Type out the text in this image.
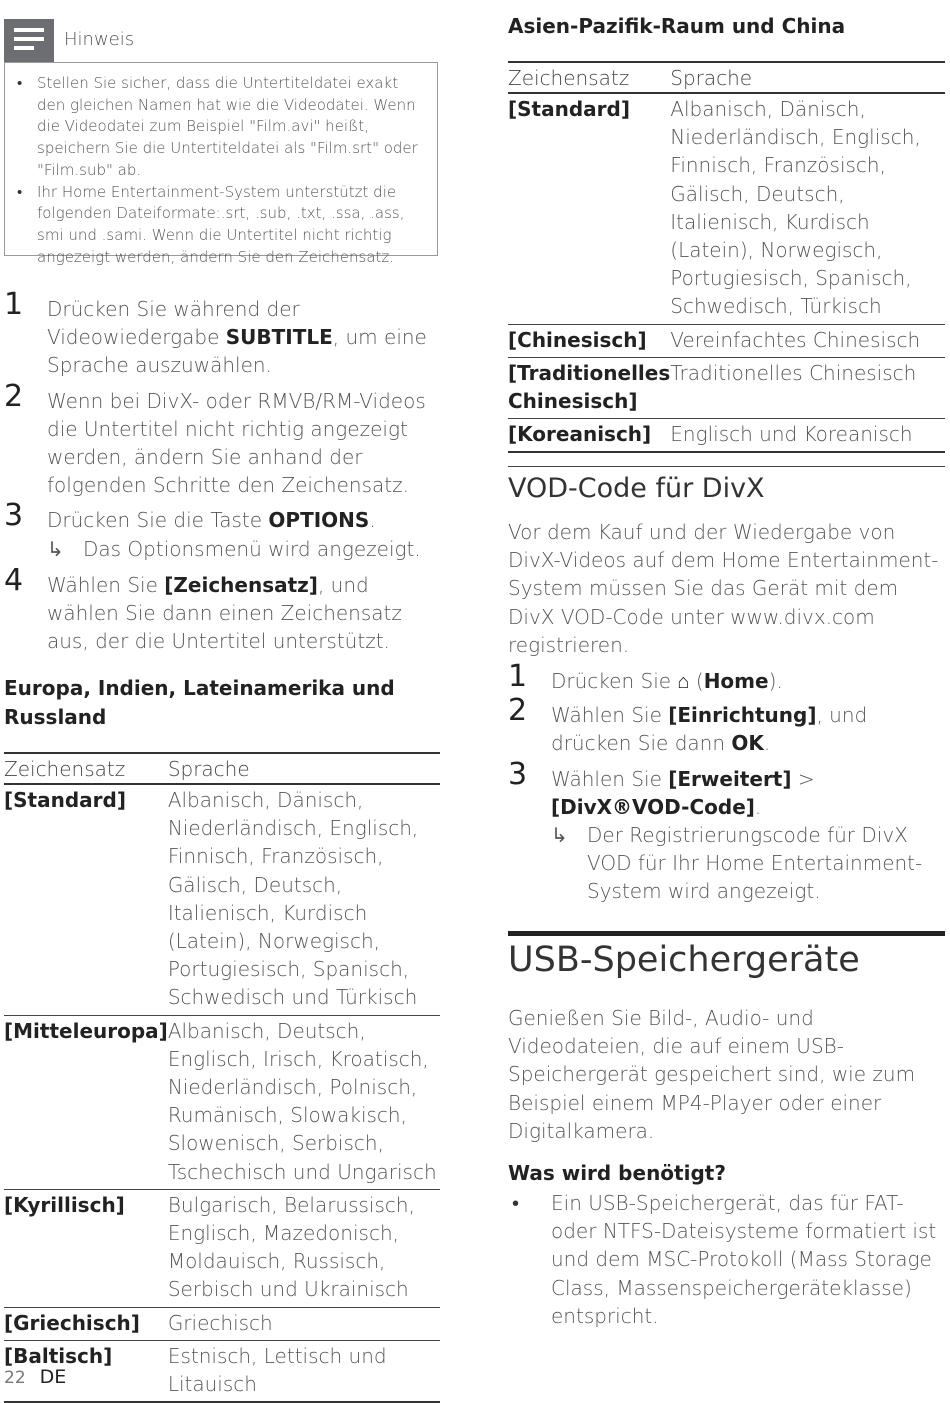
Hinweis
• Stellen Sie sicher, dass die Untertiteldatei exakt den gleichen Namen hat wie die Videodatei. Wenn die Videodatei zum Beispiel "Film.avi" heißt, speichern Sie die Untertiteldatei als "Film.srt" oder "Film.sub" ab.
• Ihr Home Entertainment-System unterstützt die folgenden Dateiformate:.srt, .sub, .txt, .ssa, .ass, smi und .sami. Wenn die Untertitel nicht richtig angezeigt werden, ändern Sie den Zeichensatz.
1 Drücken Sie während der Videowiedergabe SUBTITLE, um eine Sprache auszuwählen.
2 Wenn bei DivX- oder RMVB/RM-Videos die Untertitel nicht richtig angezeigt werden, ändern Sie anhand der folgenden Schritte den Zeichensatz.
3 Drücken Sie die Taste OPTIONS.
↳ Das Optionsmenü wird angezeigt.
4 Wählen Sie [Zeichensatz], und wählen Sie dann einen Zeichensatz aus, der die Untertitel unterstützt.

Europa, Indien, Lateinamerika und Russland

Zeichensatz	Sprache
[Standard]	Albanisch, Dänisch, Niederländisch, Englisch, Finnisch, Französisch, Gälisch, Deutsch, Italienisch, Kurdisch (Latein), Norwegisch, Portugiesisch, Spanisch, Schwedisch und Türkisch
[Mitteleuropa]	Albanisch, Deutsch, Englisch, Irisch, Kroatisch, Niederländisch, Polnisch, Rumänisch, Slowakisch, Slowenisch, Serbisch, Tschechisch und Ungarisch
[Kyrillisch]	Bulgarisch, Belarussisch, Englisch, Mazedonisch, Moldauisch, Russisch, Serbisch und Ukrainisch
[Griechisch]	Griechisch
[Baltisch]	Estnisch, Lettisch und Litauisch
22 DE

Asien-Pazifik-Raum und China

Zeichensatz	Sprache
[Standard]	Albanisch, Dänisch, Niederländisch, Englisch, Finnisch, Französisch, Gälisch, Deutsch, Italienisch, Kurdisch (Latein), Norwegisch, Portugiesisch, Spanisch, Schwedisch, Türkisch
[Chinesisch]	Vereinfachtes Chinesisch
[Traditionelles Chinesisch]	Traditionelles Chinesisch
[Koreanisch]	Englisch und Koreanisch

VOD-Code für DivX

Vor dem Kauf und der Wiedergabe von DivX-Videos auf dem Home Entertainment-System müssen Sie das Gerät mit dem DivX VOD-Code unter www.divx.com registrieren.

1 Drücken Sie ⌂ (Home).
2 Wählen Sie [Einrichtung], und drücken Sie dann OK.
3 Wählen Sie [Erweitert] > [DivX®VOD-Code].
↳ Der Registrierungscode für DivX VOD für Ihr Home Entertainment-System wird angezeigt.

USB-Speichergeräte

Genießen Sie Bild-, Audio- und Videodateien, die auf einem USB-Speichergerät gespeichert sind, wie zum Beispiel einem MP4-Player oder einer Digitalkamera.

Was wird benötigt?

• Ein USB-Speichergerät, das für FAT- oder NTFS-Dateisysteme formatiert ist und dem MSC-Protokoll (Mass Storage Class, Massenspeichergeräteklasse) entspricht.
